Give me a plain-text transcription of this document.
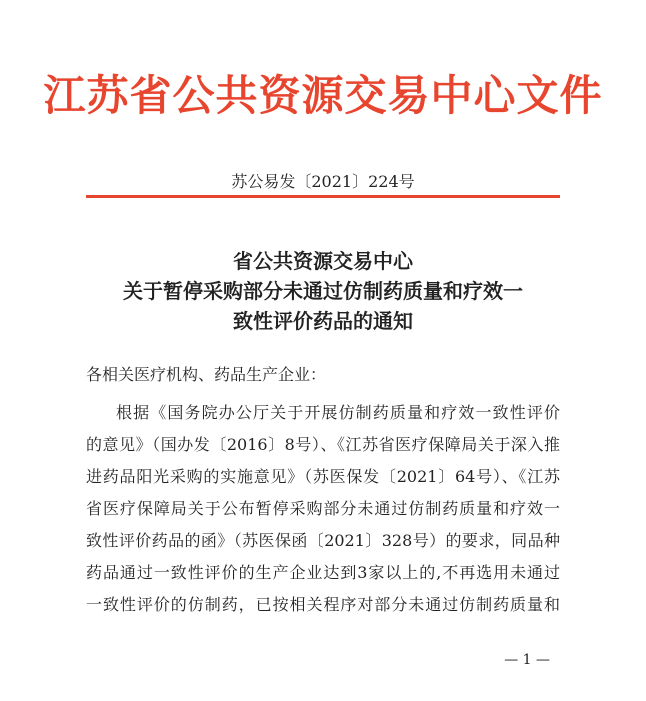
江苏省公共资源交易中心文件
苏公易发〔2021〕224号
省公共资源交易中心
关于暂停采购部分未通过仿制药质量和疗效一
致性评价药品的通知
各相关医疗机构、药品生产企业：
根据《国务院办公厅关于开展仿制药质量和疗效一致性评价
的意见》（国办发〔2016〕8号）、《江苏省医疗保障局关于深入推
进药品阳光采购的实施意见》（苏医保发〔2021〕64号）、《江苏
省医疗保障局关于公布暂停采购部分未通过仿制药质量和疗效一
致性评价药品的函》（苏医保函〔2021〕328号）的要求，同品种
药品通过一致性评价的生产企业达到3家以上的,不再选用未通过
一致性评价的仿制药，已按相关程序对部分未通过仿制药质量和
— 1 —
